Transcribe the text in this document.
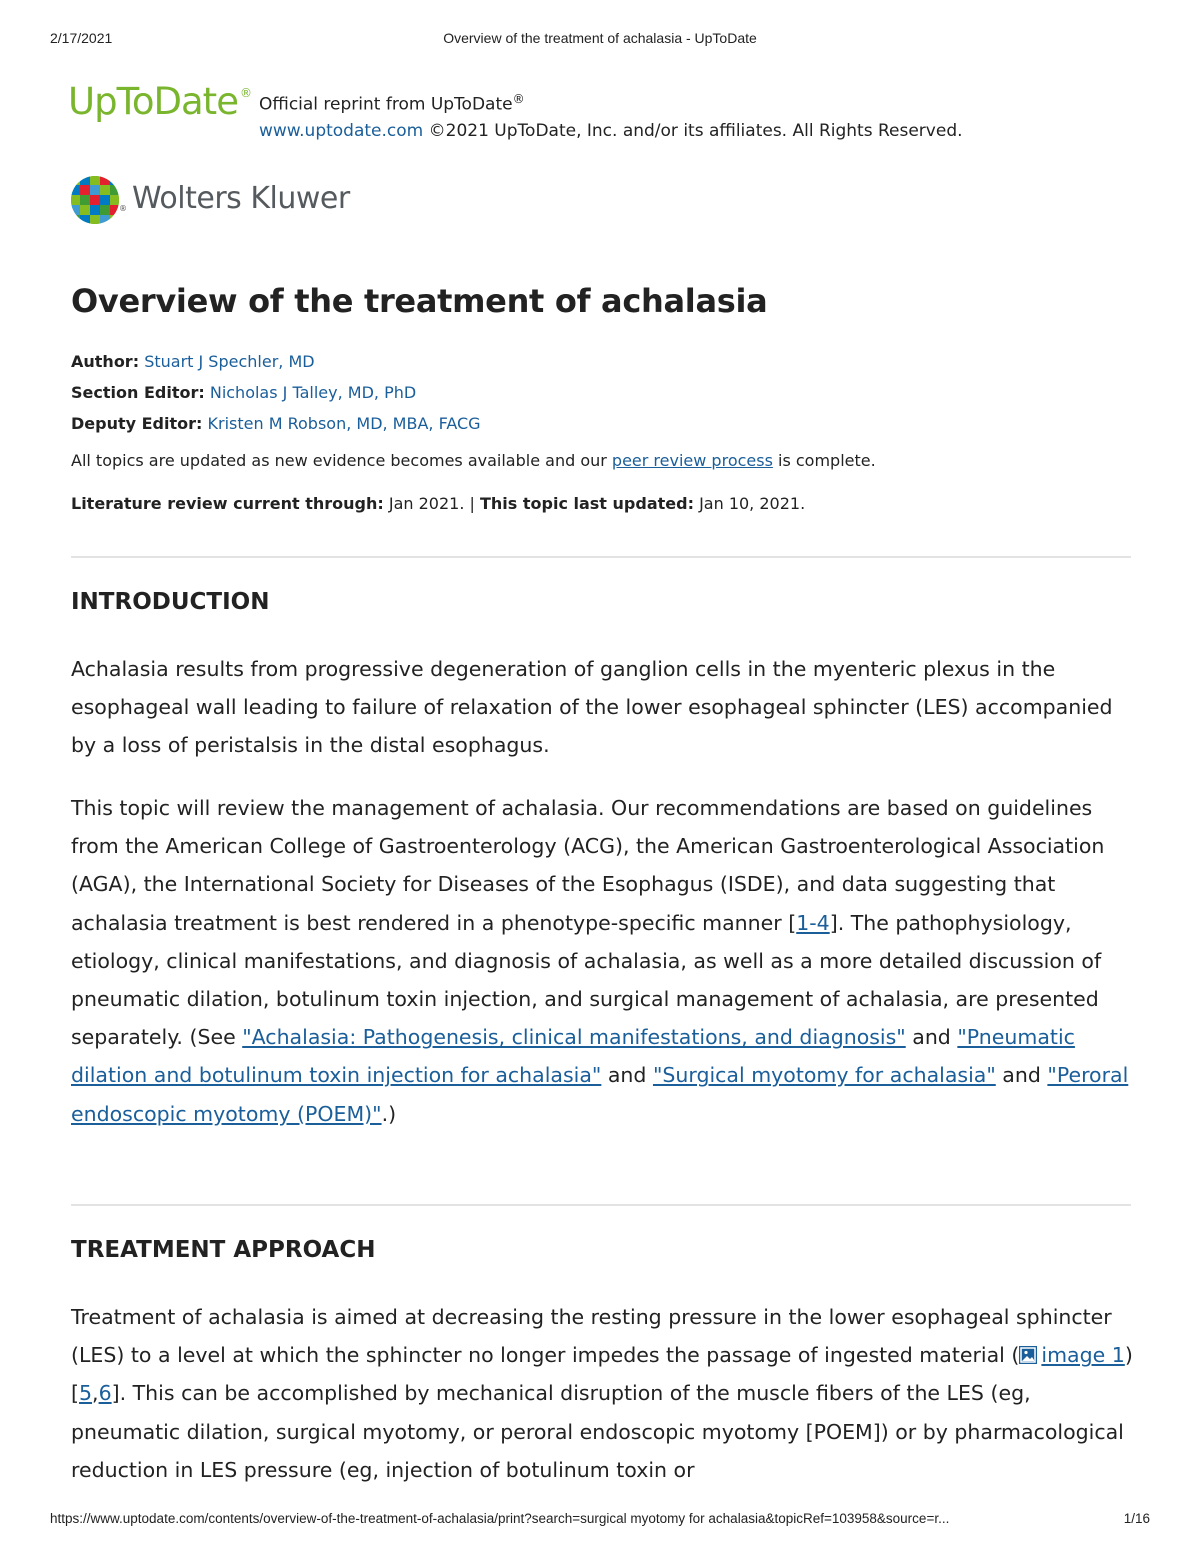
2/17/2021	Overview of the treatment of achalasia - UpToDate
UpToDate ®
Official reprint from UpToDate®
www.uptodate.com ©2021 UpToDate, Inc. and/or its affiliates. All Rights Reserved.
® Wolters Kluwer
Overview of the treatment of achalasia
Author: Stuart J Spechler, MD
Section Editor: Nicholas J Talley, MD, PhD
Deputy Editor: Kristen M Robson, MD, MBA, FACG
All topics are updated as new evidence becomes available and our peer review process is complete.
Literature review current through: Jan 2021. | This topic last updated: Jan 10, 2021.
INTRODUCTION

Achalasia results from progressive degeneration of ganglion cells in the myenteric plexus in the esophageal wall leading to failure of relaxation of the lower esophageal sphincter (LES) accompanied by a loss of peristalsis in the distal esophagus.

This topic will review the management of achalasia. Our recommendations are based on guidelines from the American College of Gastroenterology (ACG), the American Gastroenterological Association (AGA), the International Society for Diseases of the Esophagus (ISDE), and data suggesting that achalasia treatment is best rendered in a phenotype-specific manner [1-4]. The pathophysiology, etiology, clinical manifestations, and diagnosis of achalasia, as well as a more detailed discussion of pneumatic dilation, botulinum toxin injection, and surgical management of achalasia, are presented separately. (See "Achalasia: Pathogenesis, clinical manifestations, and diagnosis" and "Pneumatic dilation and botulinum toxin injection for achalasia" and "Surgical myotomy for achalasia" and "Peroral endoscopic myotomy (POEM)".)

TREATMENT APPROACH

Treatment of achalasia is aimed at decreasing the resting pressure in the lower esophageal sphincter (LES) to a level at which the sphincter no longer impedes the passage of ingested material ( image 1) [5,6]. This can be accomplished by mechanical disruption of the muscle fibers of the LES (eg, pneumatic dilation, surgical myotomy, or peroral endoscopic myotomy [POEM]) or by pharmacological reduction in LES pressure (eg, injection of botulinum toxin or

https://www.uptodate.com/contents/overview-of-the-treatment-of-achalasia/print?search=surgical myotomy for achalasia&topicRef=103958&source=r...	1/16
